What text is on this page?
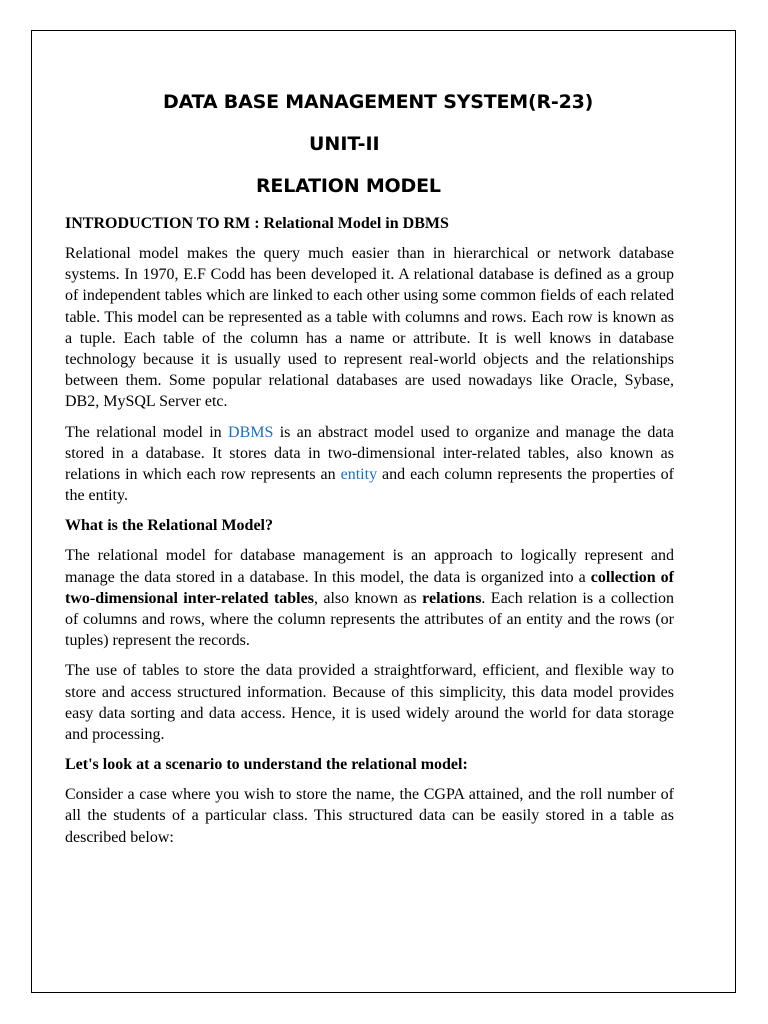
DATA BASE MANAGEMENT SYSTEM(R-23)

UNIT-II

RELATION MODEL

INTRODUCTION TO RM : Relational Model in DBMS

Relational model makes the query much easier than in hierarchical or network database systems. In 1970, E.F Codd has been developed it. A relational database is defined as a group of independent tables which are linked to each other using some common fields of each related table. This model can be represented as a table with columns and rows. Each row is known as a tuple. Each table of the column has a name or attribute. It is well knows in database technology because it is usually used to represent real-world objects and the relationships between them. Some popular relational databases are used nowadays like Oracle, Sybase, DB2, MySQL Server etc.

The relational model in DBMS is an abstract model used to organize and manage the data stored in a database. It stores data in two-dimensional inter-related tables, also known as relations in which each row represents an entity and each column represents the properties of the entity.

What is the Relational Model?

The relational model for database management is an approach to logically represent and manage the data stored in a database. In this model, the data is organized into a collection of two-dimensional inter-related tables, also known as relations. Each relation is a collection of columns and rows, where the column represents the attributes of an entity and the rows (or tuples) represent the records.

The use of tables to store the data provided a straightforward, efficient, and flexible way to store and access structured information. Because of this simplicity, this data model provides easy data sorting and data access. Hence, it is used widely around the world for data storage and processing.

Let's look at a scenario to understand the relational model:

Consider a case where you wish to store the name, the CGPA attained, and the roll number of all the students of a particular class. This structured data can be easily stored in a table as described below:
